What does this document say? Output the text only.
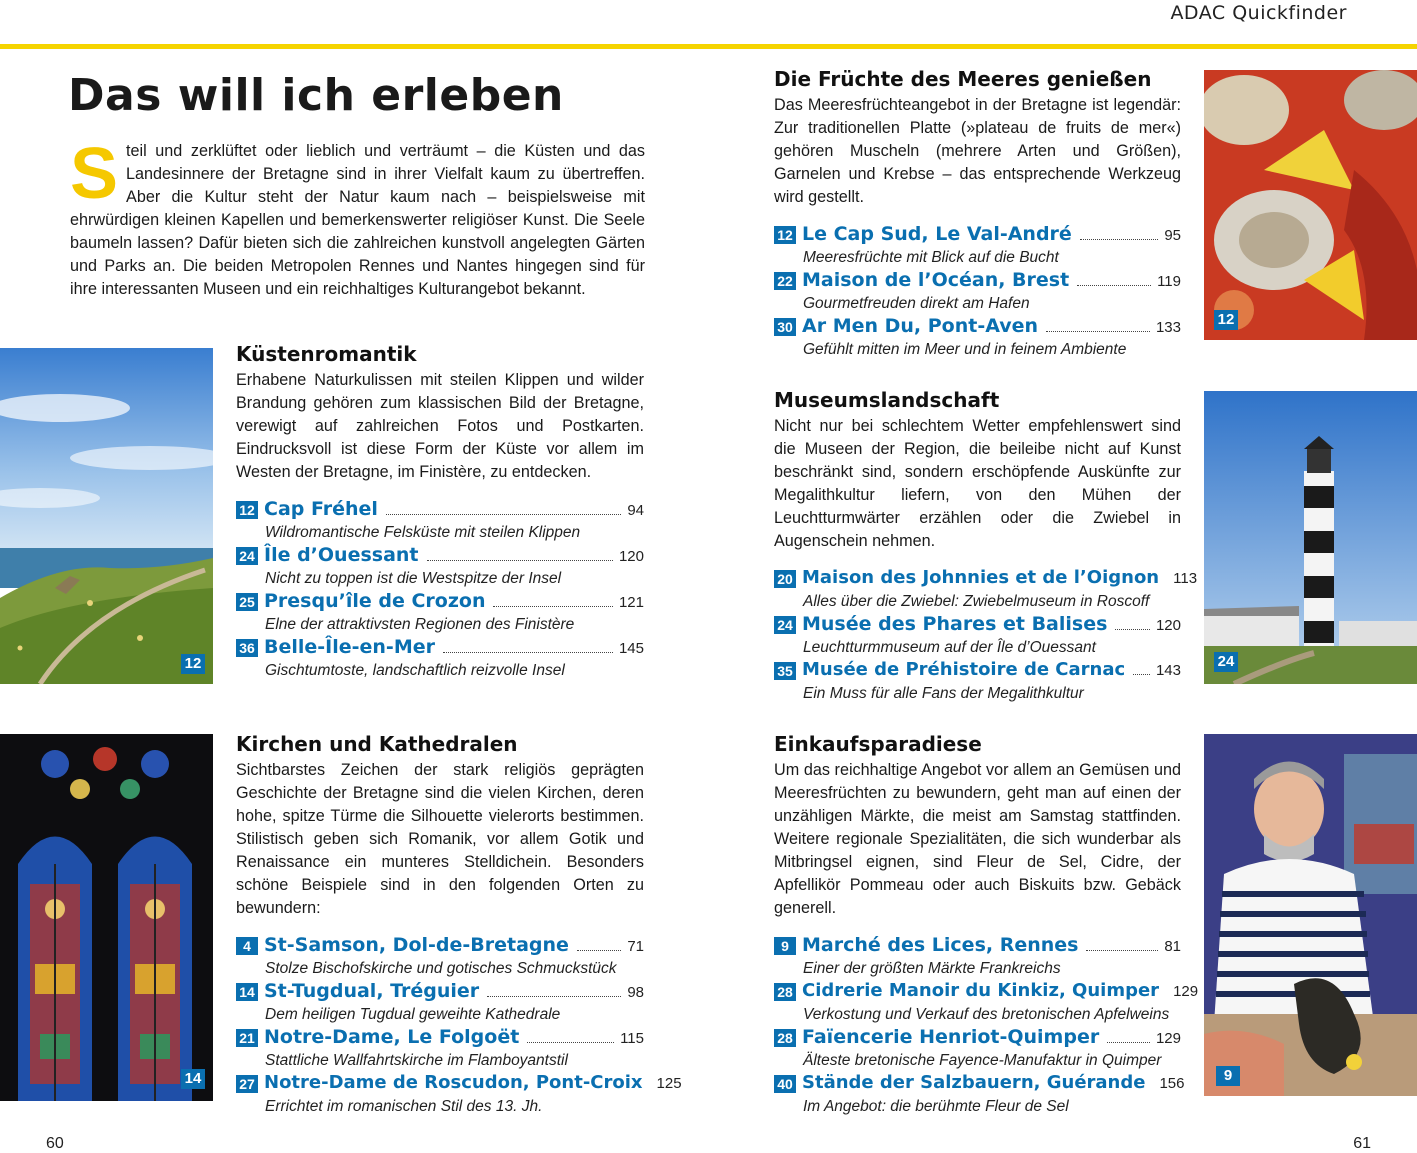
ADAC Quickfinder
Das will ich erleben
Steil und zerklüftet oder lieblich und verträumt – die Küsten und das Landesinnere der Bretagne sind in ihrer Vielfalt kaum zu übertreffen. Aber die Kultur steht der Natur kaum nach – beispielsweise mit ehrwürdigen kleinen Kapellen und bemerkenswerter religiöser Kunst. Die Seele baumeln lassen? Dafür bieten sich die zahlreichen kunstvoll angelegten Gärten und Parks an. Die beiden Metropolen Rennes und Nantes hingegen sind für ihre interessanten Museen und ein reichhaltiges Kulturangebot bekannt.
12
14
12
24
9
Küstenromantik
Erhabene Naturkulissen mit steilen Klippen und wilder Brandung gehören zum klassischen Bild der Bretagne, verewigt auf zahlreichen Fotos und Postkarten. Eindrucksvoll ist diese Form der Küste vor allem im Westen der Bretagne, im Finistère, zu entdecken.
12 Cap Fréhel	94
Wildromantische Felsküste mit steilen Klippen
24 Île d’Ouessant	120
Nicht zu toppen ist die Westspitze der Insel
25 Presqu’île de Crozon	121
Elne der attraktivsten Regionen des Finistère
36 Belle-Île-en-Mer	145
Gischtumtoste, landschaftlich reizvolle Insel
Kirchen und Kathedralen
Sichtbarstes Zeichen der stark religiös geprägten Geschichte der Bretagne sind die vielen Kirchen, deren hohe, spitze Türme die Silhouette vielerorts bestimmen. Stilistisch geben sich Romanik, vor allem Gotik und Renaissance ein munteres Stelldichein. Besonders schöne Beispiele sind in den folgenden Orten zu bewundern:
4 St-Samson, Dol-de-Bretagne	71
Stolze Bischofskirche und gotisches Schmuckstück
14 St-Tugdual, Tréguier	98
Dem heiligen Tugdual geweihte Kathedrale
21 Notre-Dame, Le Folgoët	115
Stattliche Wallfahrtskirche im Flamboyantstil
27 Notre-Dame de Roscudon, Pont-Croix 125
Errichtet im romanischen Stil des 13. Jh.
Die Früchte des Meeres genießen
Das Meeresfrüchteangebot in der Bretagne ist legendär: Zur traditionellen Platte (»plateau de fruits de mer«) gehören Muscheln (mehrere Arten und Größen), Garnelen und Krebse – das entsprechende Werkzeug wird gestellt.
12 Le Cap Sud, Le Val-André	95
Meeresfrüchte mit Blick auf die Bucht
22 Maison de l’Océan, Brest	119
Gourmetfreuden direkt am Hafen
30 Ar Men Du, Pont-Aven	133
Gefühlt mitten im Meer und in feinem Ambiente
Museumslandschaft
Nicht nur bei schlechtem Wetter empfehlenswert sind die Museen der Region, die beileibe nicht auf Kunst beschränkt sind, sondern erschöpfende Auskünfte zur Megalithkultur liefern, von den Mühen der Leuchtturmwärter erzählen oder die Zwiebel in Augenschein nehmen.
20 Maison des Johnnies et de l’Oignon 113
Alles über die Zwiebel: Zwiebelmuseum in Roscoff
24 Musée des Phares et Balises	120
Leuchtturmmuseum auf der Île d’Ouessant
35 Musée de Préhistoire de Carnac 143
Ein Muss für alle Fans der Megalithkultur
Einkaufsparadiese
Um das reichhaltige Angebot vor allem an Gemüsen und Meeresfrüchten zu bewundern, geht man auf einen der unzähligen Märkte, die meist am Samstag stattfinden. Weitere regionale Spezialitäten, die sich wunderbar als Mitbringsel eignen, sind Fleur de Sel, Cidre, der Apfellikör Pommeau oder auch Biskuits bzw. Gebäck generell.
9 Marché des Lices, Rennes	81
Einer der größten Märkte Frankreichs
28 Cidrerie Manoir du Kinkiz, Quimper 129
Verkostung und Verkauf des bretonischen Apfelweins
28 Faïencerie Henriot-Quimper	129
Älteste bretonische Fayence-Manufaktur in Quimper
40 Stände der Salzbauern, Guérande 156
Im Angebot: die berühmte Fleur de Sel
60	61
